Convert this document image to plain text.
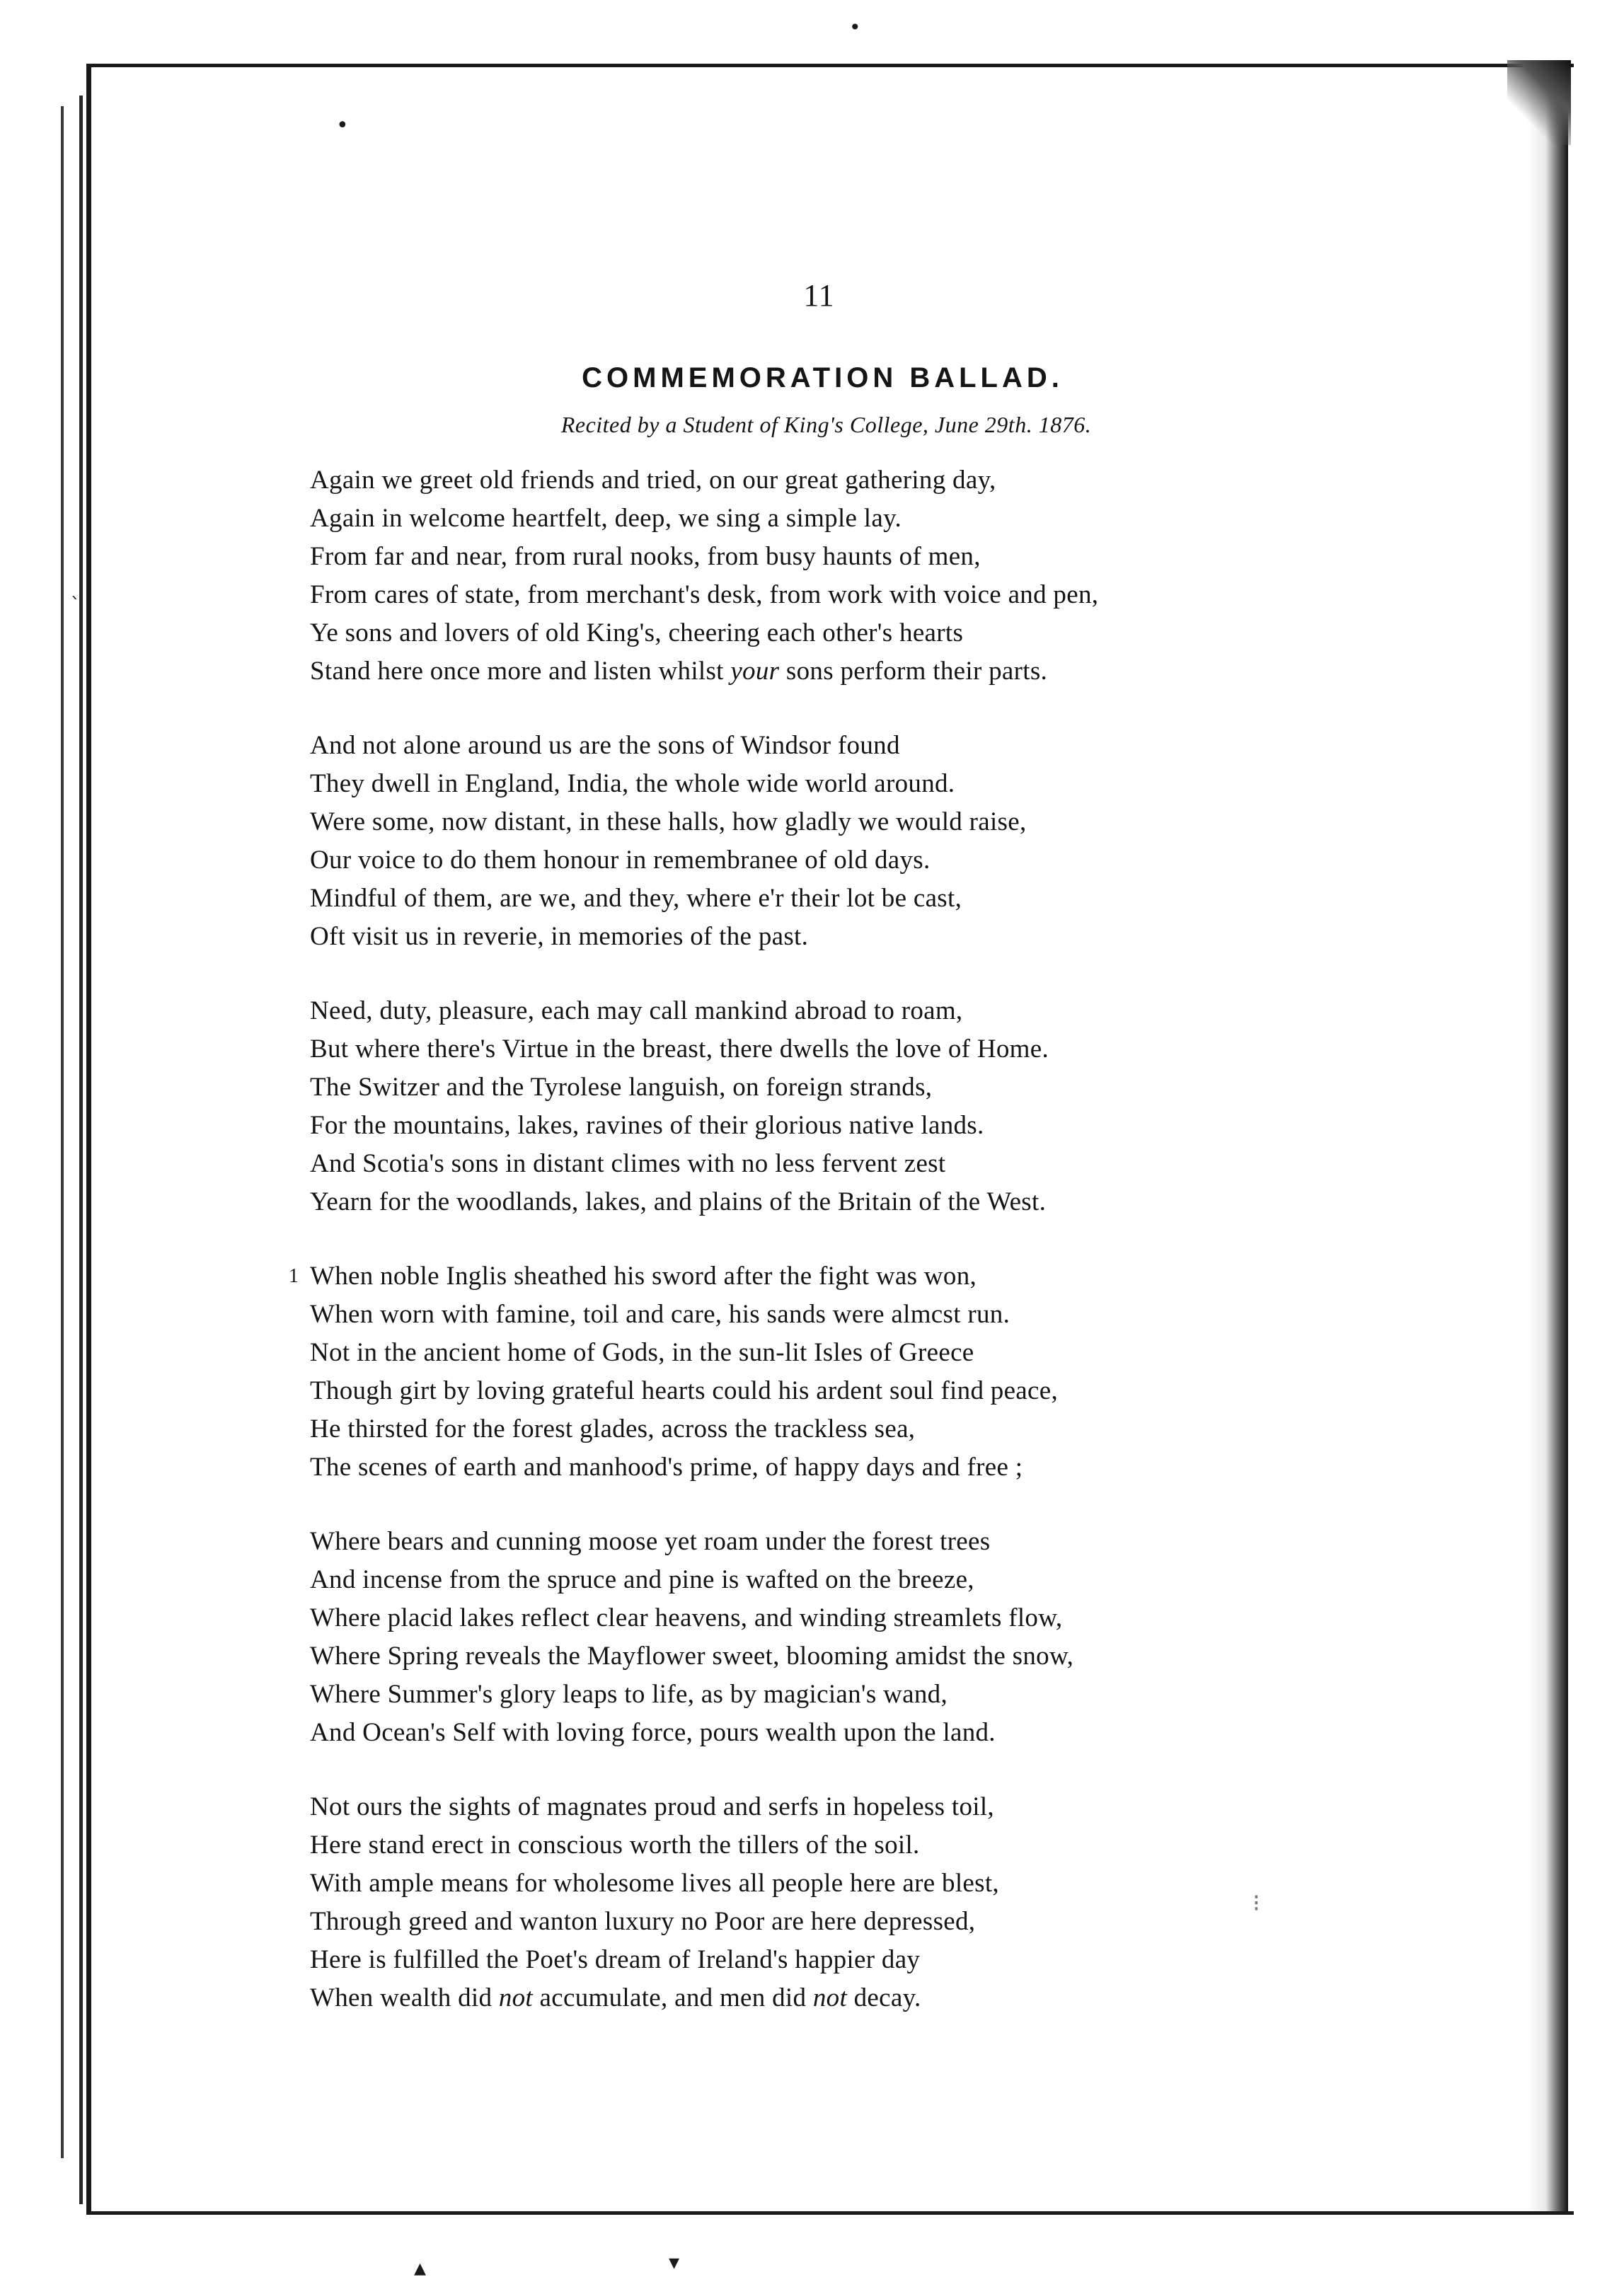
•
•
▾
▴
⁝
`
11
COMMEMORATION BALLAD.
Recited by a Student of King's College, June 29th. 1876.
Again we greet old friends and tried, on our great gathering day,
Again in welcome heartfelt, deep, we sing a simple lay.
From far and near, from rural nooks, from busy haunts of men,
From cares of state, from merchant's desk, from work with voice and pen,
Ye sons and lovers of old King's, cheering each other's hearts
Stand here once more and listen whilst your sons perform their parts.
And not alone around us are the sons of Windsor found
They dwell in England, India, the whole wide world around.
Were some, now distant, in these halls, how gladly we would raise,
Our voice to do them honour in remembranee of old days.
Mindful of them, are we, and they, where e'r their lot be cast,
Oft visit us in reverie, in memories of the past.
Need, duty, pleasure, each may call mankind abroad to roam,
But where there's Virtue in the breast, there dwells the love of Home.
The Switzer and the Tyrolese languish, on foreign strands,
For the mountains, lakes, ravines of their glorious native lands.
And Scotia's sons in distant climes with no less fervent zest
Yearn for the woodlands, lakes, and plains of the Britain of the West.
1 When noble Inglis sheathed his sword after the fight was won,
When worn with famine, toil and care, his sands were almcst run.
Not in the ancient home of Gods, in the sun-lit Isles of Greece
Though girt by loving grateful hearts could his ardent soul find peace,
He thirsted for the forest glades, across the trackless sea,
The scenes of earth and manhood's prime, of happy days and free ;
Where bears and cunning moose yet roam under the forest trees
And incense from the spruce and pine is wafted on the breeze,
Where placid lakes reflect clear heavens, and winding streamlets flow,
Where Spring reveals the Mayflower sweet, blooming amidst the snow,
Where Summer's glory leaps to life, as by magician's wand,
And Ocean's Self with loving force, pours wealth upon the land.
Not ours the sights of magnates proud and serfs in hopeless toil,
Here stand erect in conscious worth the tillers of the soil.
With ample means for wholesome lives all people here are blest,
Through greed and wanton luxury no Poor are here depressed,
Here is fulfilled the Poet's dream of Ireland's happier day
When wealth did not accumulate, and men did not decay.
